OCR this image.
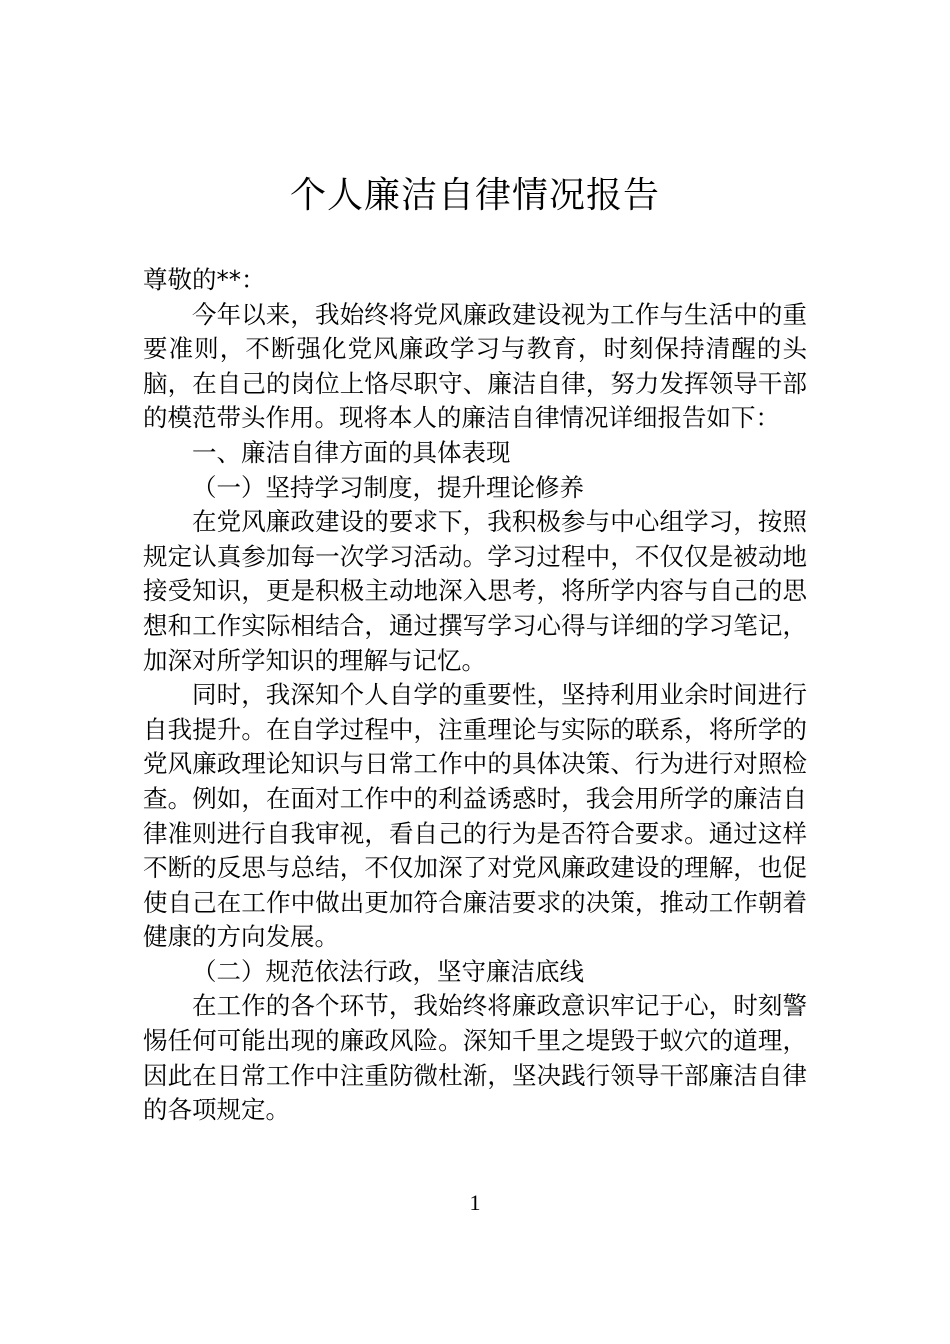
个人廉洁自律情况报告

尊敬的**：

今年以来，我始终将党风廉政建设视为工作与生活中的重要准则，不断强化党风廉政学习与教育，时刻保持清醒的头脑，在自己的岗位上恪尽职守、廉洁自律，努力发挥领导干部的模范带头作用。现将本人的廉洁自律情况详细报告如下：

一、廉洁自律方面的具体表现

（一）坚持学习制度，提升理论修养

在党风廉政建设的要求下，我积极参与中心组学习，按照规定认真参加每一次学习活动。学习过程中，不仅仅是被动地接受知识，更是积极主动地深入思考，将所学内容与自己的思想和工作实际相结合，通过撰写学习心得与详细的学习笔记，加深对所学知识的理解与记忆。

同时，我深知个人自学的重要性，坚持利用业余时间进行自我提升。在自学过程中，注重理论与实际的联系，将所学的党风廉政理论知识与日常工作中的具体决策、行为进行对照检查。例如，在面对工作中的利益诱惑时，我会用所学的廉洁自律准则进行自我审视，看自己的行为是否符合要求。通过这样不断的反思与总结，不仅加深了对党风廉政建设的理解，也促使自己在工作中做出更加符合廉洁要求的决策，推动工作朝着健康的方向发展。

（二）规范依法行政，坚守廉洁底线

在工作的各个环节，我始终将廉政意识牢记于心，时刻警惕任何可能出现的廉政风险。深知千里之堤毁于蚁穴的道理，因此在日常工作中注重防微杜渐，坚决践行领导干部廉洁自律的各项规定。

1
